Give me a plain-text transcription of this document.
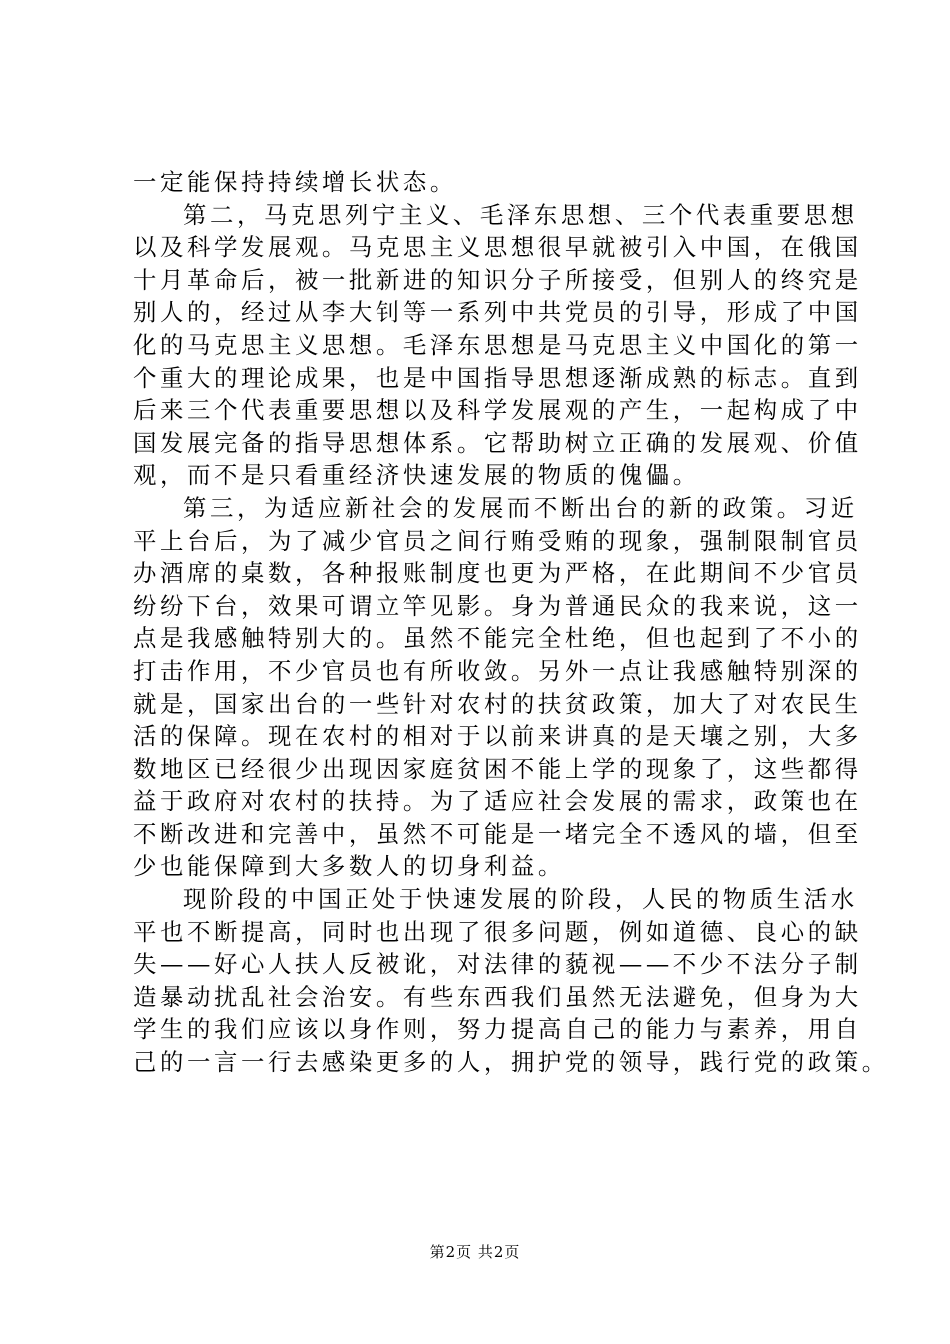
一定能保持持续增长状态。
第二，马克思列宁主义、毛泽东思想、三个代表重要思想
以及科学发展观。马克思主义思想很早就被引入中国，在俄国
十月革命后，被一批新进的知识分子所接受，但别人的终究是
别人的，经过从李大钊等一系列中共党员的引导，形成了中国
化的马克思主义思想。毛泽东思想是马克思主义中国化的第一
个重大的理论成果，也是中国指导思想逐渐成熟的标志。直到
后来三个代表重要思想以及科学发展观的产生，一起构成了中
国发展完备的指导思想体系。它帮助树立正确的发展观、价值
观，而不是只看重经济快速发展的物质的傀儡。
第三，为适应新社会的发展而不断出台的新的政策。习近
平上台后，为了减少官员之间行贿受贿的现象，强制限制官员
办酒席的桌数，各种报账制度也更为严格，在此期间不少官员
纷纷下台，效果可谓立竿见影。身为普通民众的我来说，这一
点是我感触特别大的。虽然不能完全杜绝，但也起到了不小的
打击作用，不少官员也有所收敛。另外一点让我感触特别深的
就是，国家出台的一些针对农村的扶贫政策，加大了对农民生
活的保障。现在农村的相对于以前来讲真的是天壤之别，大多
数地区已经很少出现因家庭贫困不能上学的现象了，这些都得
益于政府对农村的扶持。为了适应社会发展的需求，政策也在
不断改进和完善中，虽然不可能是一堵完全不透风的墙，但至
少也能保障到大多数人的切身利益。
现阶段的中国正处于快速发展的阶段，人民的物质生活水
平也不断提高，同时也出现了很多问题，例如道德、良心的缺
失——好心人扶人反被讹，对法律的藐视——不少不法分子制
造暴动扰乱社会治安。有些东西我们虽然无法避免，但身为大
学生的我们应该以身作则，努力提高自己的能力与素养，用自
己的一言一行去感染更多的人，拥护党的领导，践行党的政策。
第2页 共2页
